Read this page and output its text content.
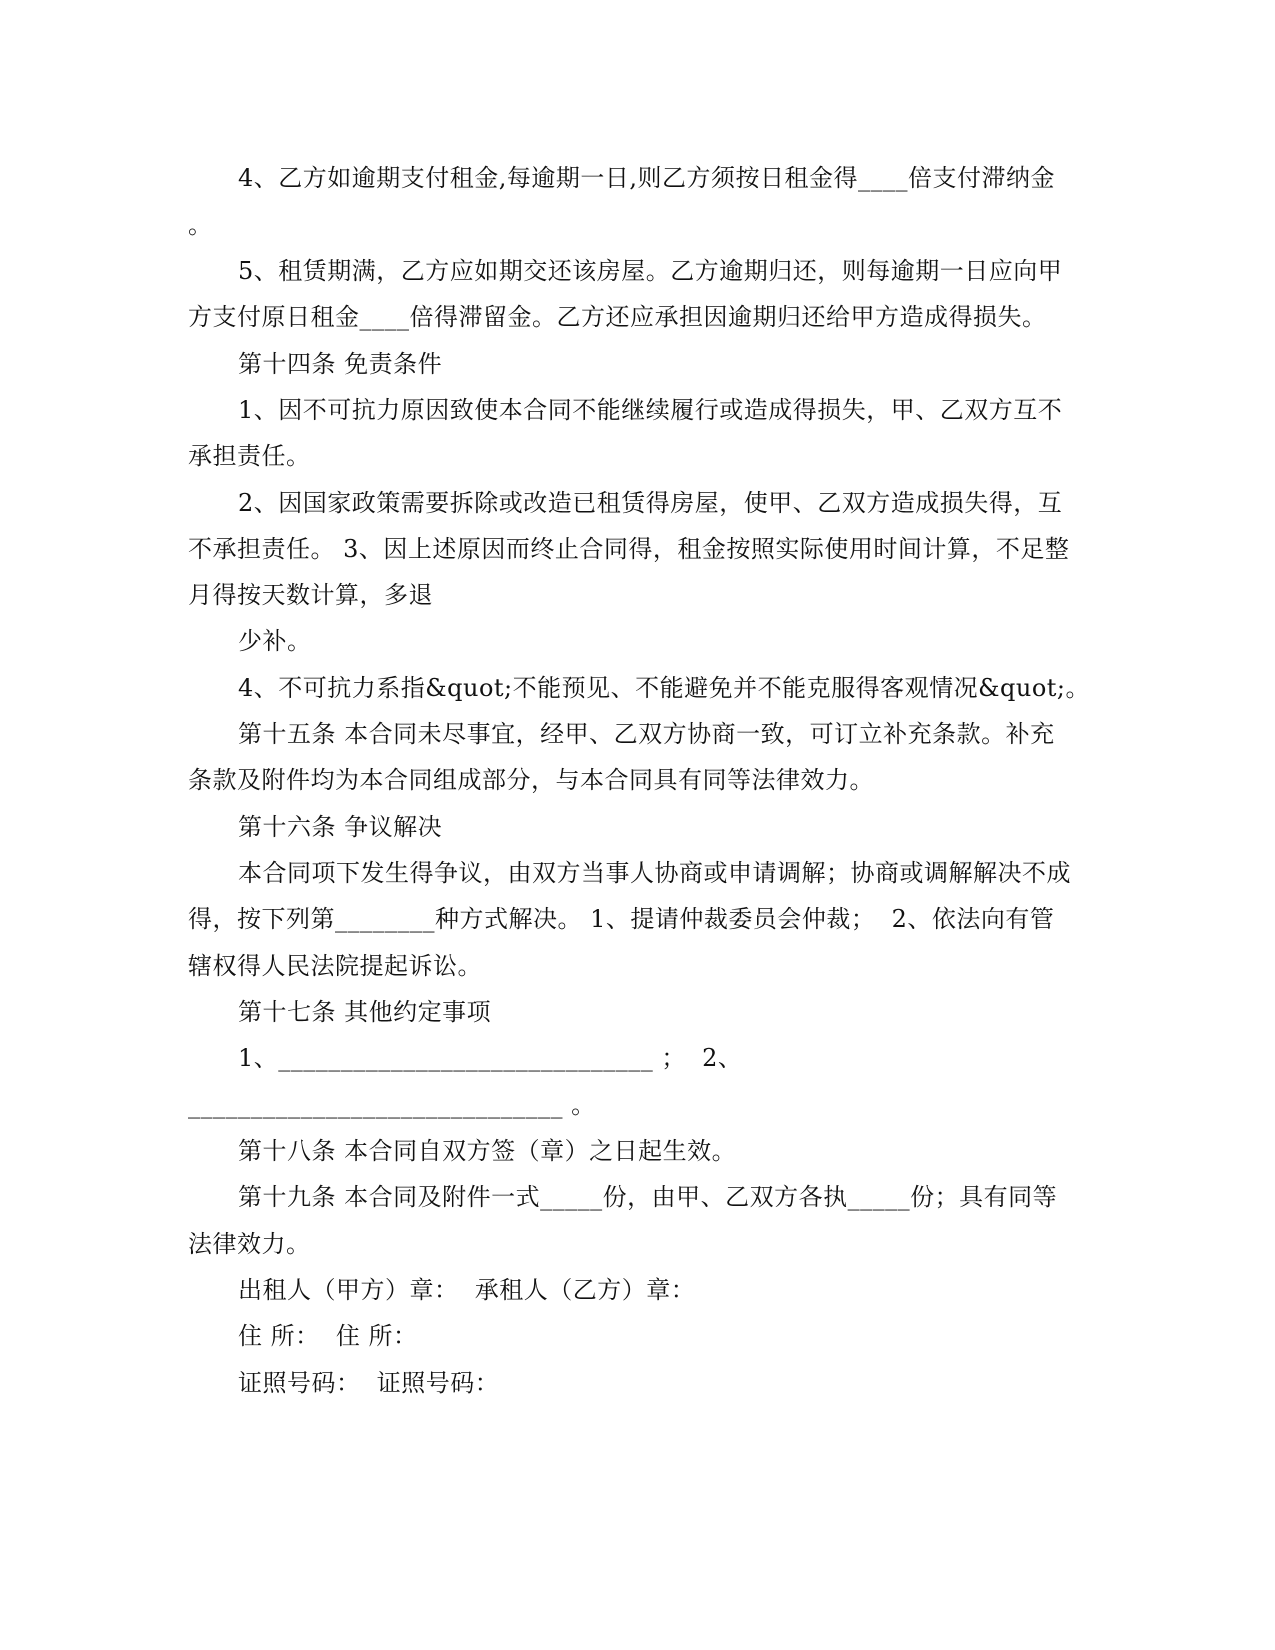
4、乙方如逾期支付租金,每逾期一日,则乙方须按日租金得____倍支付滞纳金
。
5、租赁期满，乙方应如期交还该房屋。乙方逾期归还，则每逾期一日应向甲
方支付原日租金____倍得滞留金。乙方还应承担因逾期归还给甲方造成得损失。
第十四条 免责条件
1、因不可抗力原因致使本合同不能继续履行或造成得损失，甲、乙双方互不
承担责任。
2、因国家政策需要拆除或改造已租赁得房屋，使甲、乙双方造成损失得，互
不承担责任。 3、因上述原因而终止合同得，租金按照实际使用时间计算，不足整
月得按天数计算，多退
少补。
4、不可抗力系指&quot;不能预见、不能避免并不能克服得客观情况&quot;。
第十五条 本合同未尽事宜，经甲、乙双方协商一致，可订立补充条款。补充
条款及附件均为本合同组成部分，与本合同具有同等法律效力。
第十六条 争议解决
本合同项下发生得争议，由双方当事人协商或申请调解；协商或调解解决不成
得，按下列第________种方式解决。 1、提请仲裁委员会仲裁；  2、依法向有管
辖权得人民法院提起诉讼。
第十七条 其他约定事项
1、______________________________ ；  2、
______________________________ 。
第十八条 本合同自双方签（章）之日起生效。
第十九条 本合同及附件一式_____份，由甲、乙双方各执_____份；具有同等
法律效力。
出租人（甲方）章：  承租人（乙方）章：
住 所：  住 所：
证照号码：  证照号码：
